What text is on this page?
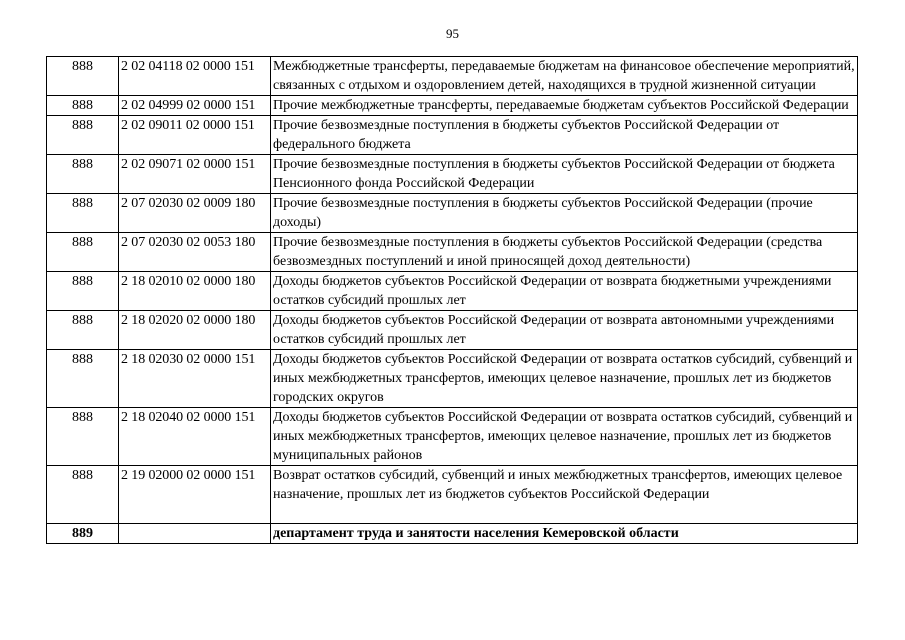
95
888	2 02 04118 02 0000 151	Межбюджетные трансферты, передаваемые бюджетам на финансовое обеспечение мероприятий, связанных с отдыхом и оздоровлением детей, находящихся в трудной жизненной ситуации
888	2 02 04999 02 0000 151	Прочие межбюджетные трансферты, передаваемые бюджетам субъектов Российской Федерации
888	2 02 09011 02 0000 151	Прочие безвозмездные поступления в бюджеты субъектов Российской Федерации от федерального бюджета
888	2 02 09071 02 0000 151	Прочие безвозмездные поступления в бюджеты субъектов Российской Федерации от бюджета Пенсионного фонда Российской Федерации
888	2 07 02030 02 0009 180	Прочие безвозмездные поступления в бюджеты субъектов Российской Федерации (прочие доходы)
888	2 07 02030 02 0053 180	Прочие безвозмездные поступления в бюджеты субъектов Российской Федерации (средства безвозмездных поступлений и иной приносящей доход деятельности)
888	2 18 02010 02 0000 180	Доходы бюджетов субъектов Российской Федерации от возврата бюджетными учреждениями остатков субсидий прошлых лет
888	2 18 02020 02 0000 180	Доходы бюджетов субъектов Российской Федерации от возврата автономными учреждениями остатков субсидий прошлых лет
888	2 18 02030 02 0000 151	Доходы бюджетов субъектов Российской Федерации от возврата остатков субсидий, субвенций и иных межбюджетных трансфертов, имеющих целевое назначение, прошлых лет из бюджетов городских округов
888	2 18 02040 02 0000 151	Доходы бюджетов субъектов Российской Федерации от возврата остатков субсидий, субвенций и иных межбюджетных трансфертов, имеющих целевое назначение, прошлых лет из бюджетов муниципальных районов
888	2 19 02000 02 0000 151	Возврат остатков субсидий, субвенций и иных межбюджетных трансфертов, имеющих целевое назначение, прошлых лет из бюджетов субъектов Российской Федерации
889		департамент труда и занятости населения Кемеровской области
